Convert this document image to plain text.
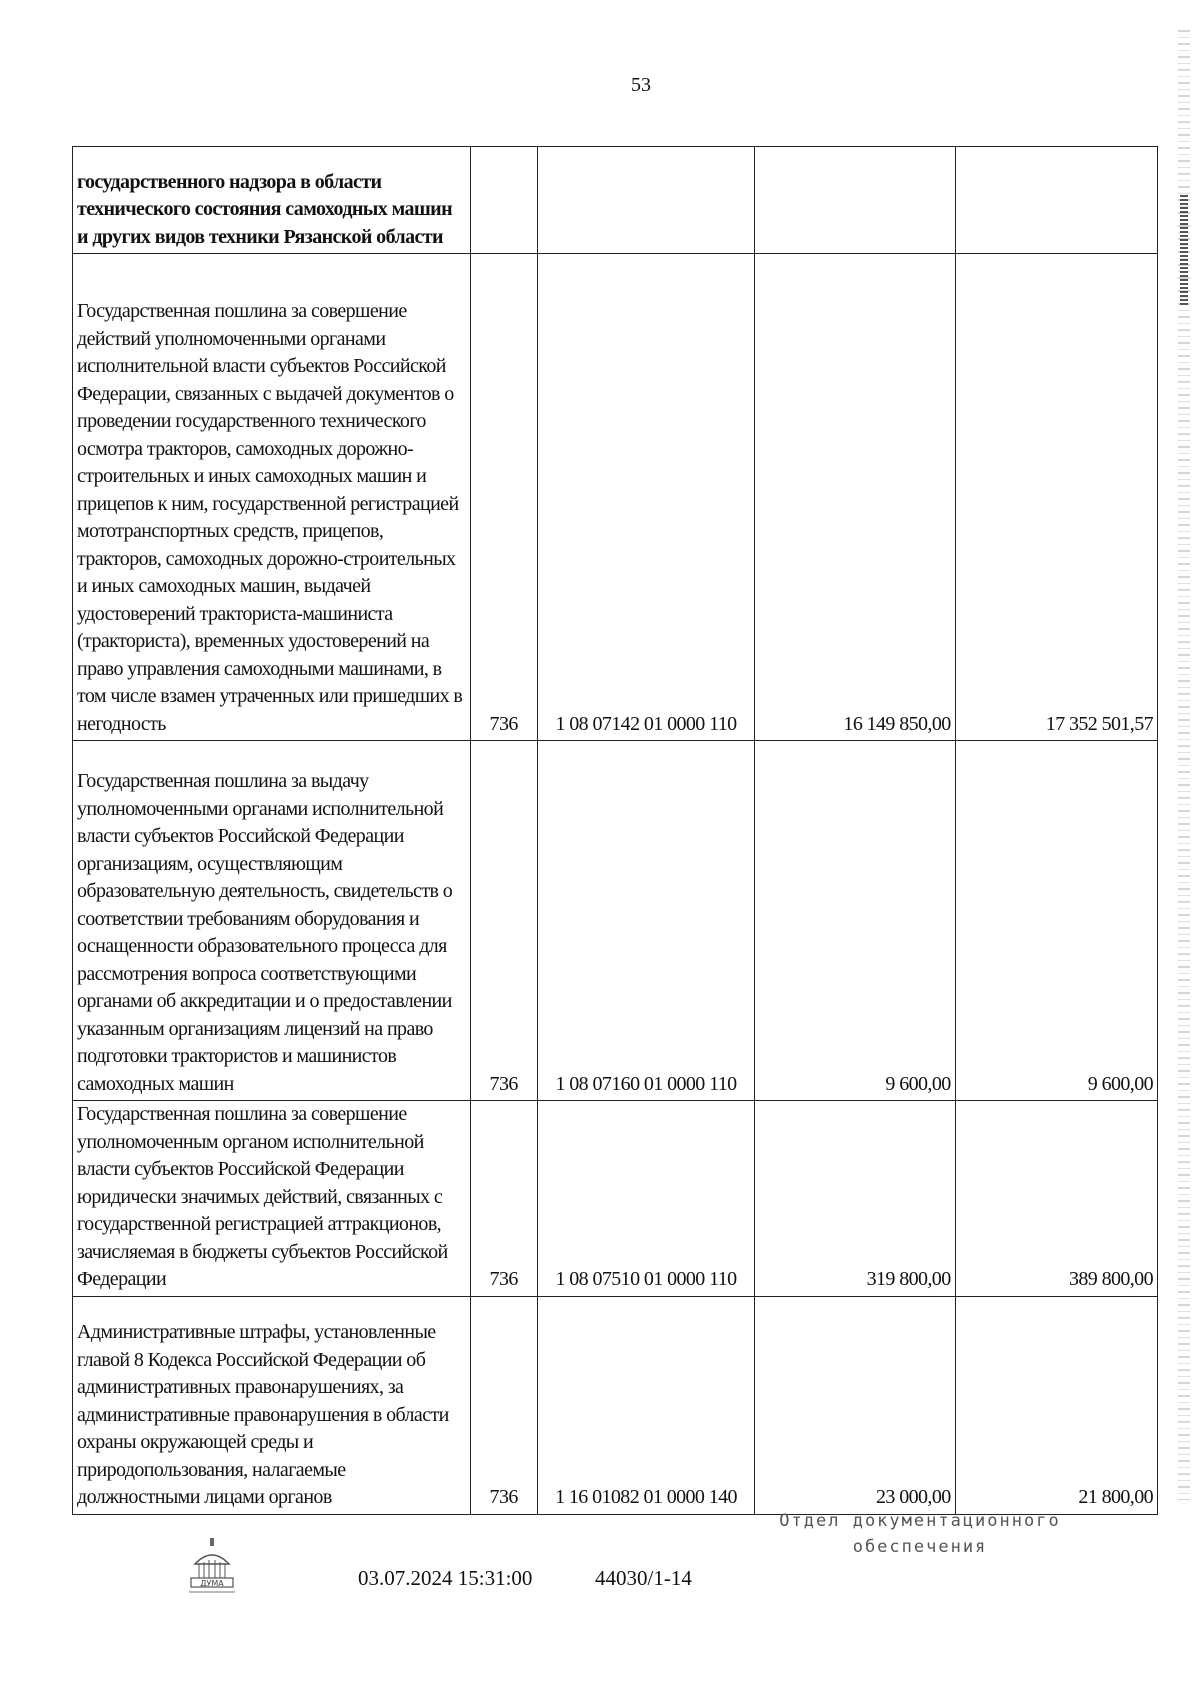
53
государственного надзора в области технического состояния самоходных машин и других видов техники Рязанской области				

Государственная пошлина за совершение действий уполномоченными органами исполнительной власти субъектов Российской Федерации, связанных с выдачей документов о проведении государственного технического осмотра тракторов, самоходных дорожно-строительных и иных самоходных машин и прицепов к ним, государственной регистрацией мототранспортных средств, прицепов, тракторов, самоходных дорожно-строительных и иных самоходных машин, выдачей удостоверений тракториста-машиниста (тракториста), временных удостоверений на право управления самоходными машинами, в том числе взамен утраченных или пришедших в негодность	736	1 08 07142 01 0000 110	16 149 850,00	17 352 501,57

Государственная пошлина за выдачу уполномоченными органами исполнительной власти субъектов Российской Федерации организациям, осуществляющим образовательную деятельность, свидетельств о соответствии требованиям оборудования и оснащенности образовательного процесса для рассмотрения вопроса соответствующими органами об аккредитации и о предоставлении указанным организациям лицензий на право подготовки трактористов и машинистов самоходных машин	736	1 08 07160 01 0000 110	9 600,00	9 600,00

Государственная пошлина за совершение уполномоченным органом исполнительной власти субъектов Российской Федерации юридически значимых действий, связанных с государственной регистрацией аттракционов, зачисляемая в бюджеты субъектов Российской Федерации	736	1 08 07510 01 0000 110	319 800,00	389 800,00

Административные штрафы, установленные главой 8 Кодекса Российской Федерации об административных правонарушениях, за административные правонарушения в области охраны окружающей среды и природопользования, налагаемые должностными лицами органов	736	1 16 01082 01 0000 140	23 000,00	21 800,00
ДУМА	03.07.2024 15:31:00	44030/1-14
Отдел документационного
обеспечения
